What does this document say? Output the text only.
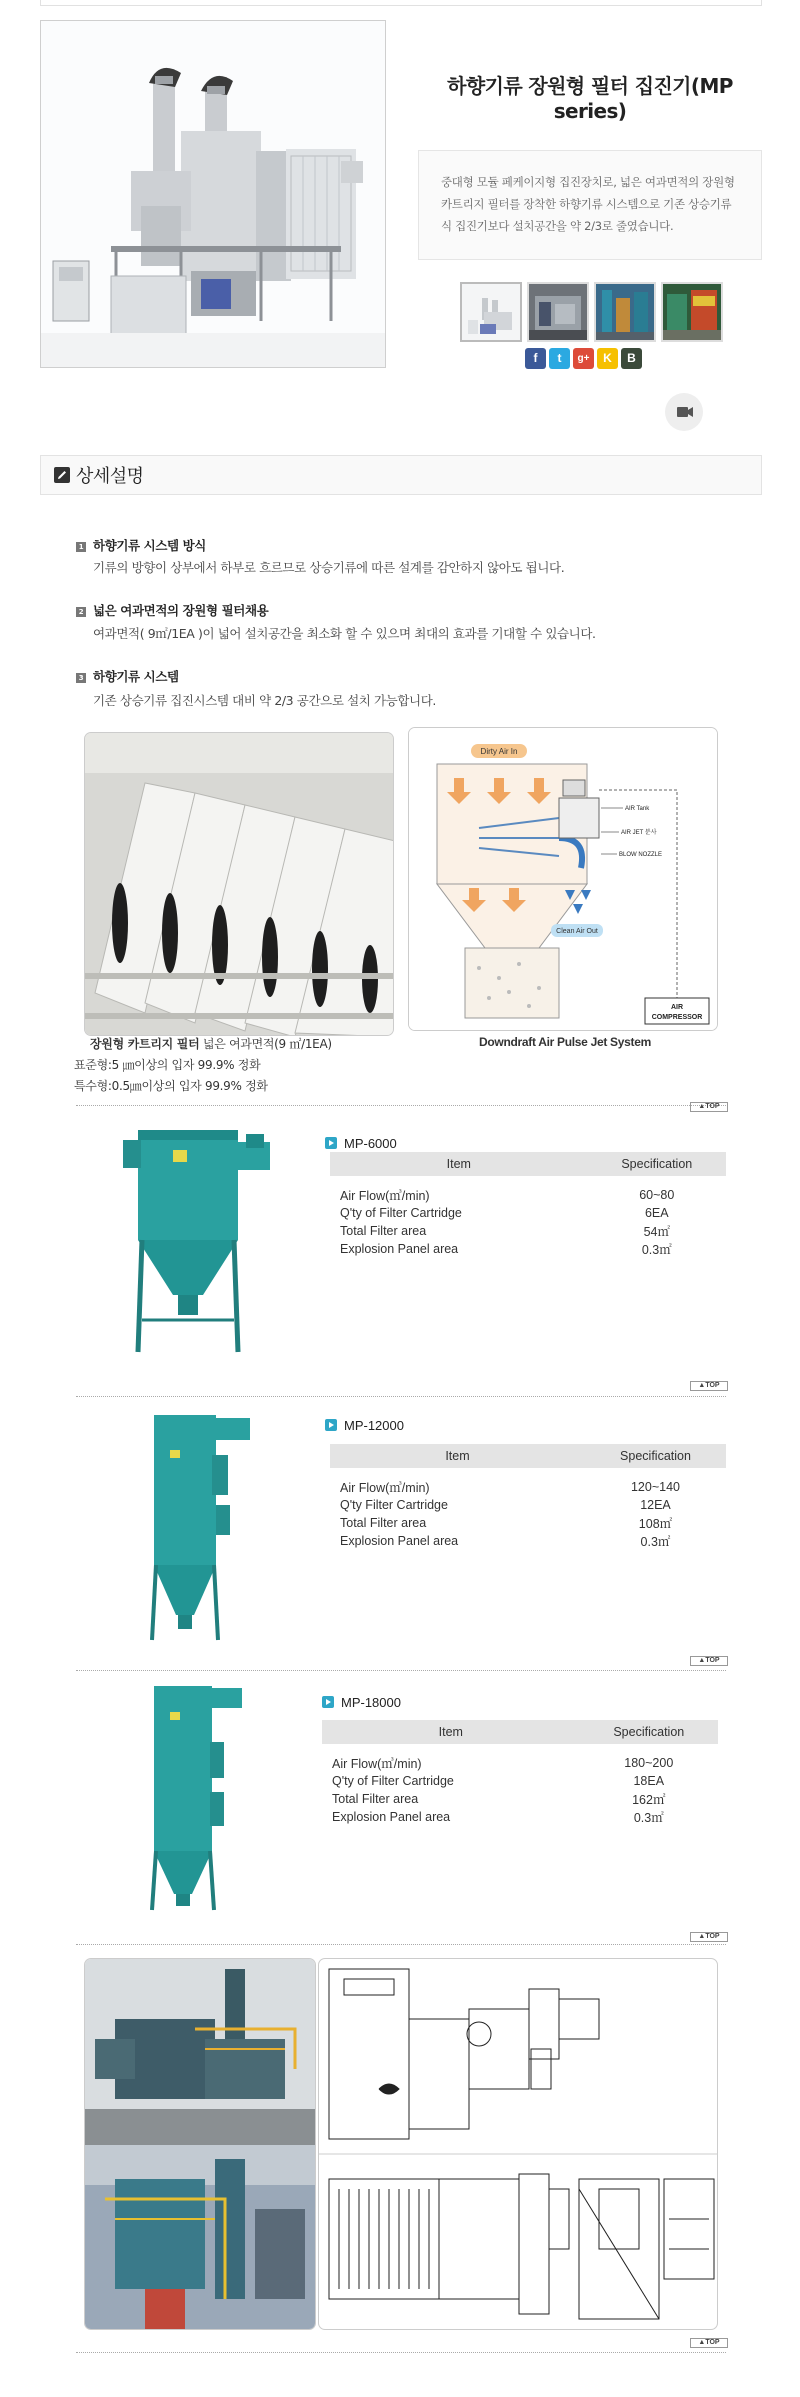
하향기류 장원형 필터 집진기(MP series)
중대형 모듈 페케이지형 집진장치로, 넓은 여과면적의 장원형 카트리지 필터를 장착한 하향기류 시스템으로 기존 상승기류식 집진기보다 설치공간을 약 2/3로 줄였습니다.
f	t	g+	K	B
상세설명
1 하향기류 시스템 방식
기류의 방향이 상부에서 하부로 흐르므로 상승기류에 따른 설계를 감안하지 않아도 됩니다.
2 넓은 여과면적의 장원형 필터채용
여과면적( 9㎡/1EA )이 넓어 설치공간을 최소화 할 수 있으며 최대의 효과를 기대할 수 있습니다.
3 하향기류 시스템
기존 상승기류 집진시스템 대비 약 2/3 공간으로 설치 가능합니다.
Dirty Air In
Clean Air Out
AIR Tank
AIR JET 분사
BLOW NOZZLE
AIR
COMPRESSOR
장원형 카트리지 필터 넓은 여과면적(9 ㎡/1EA)
표준형:5 ㎛이상의 입자 99.9% 정화
특수형:0.5㎛이상의 입자 99.9% 정화
Downdraft Air Pulse Jet System
▲TOP
MP-6000
Item	Specification
Air Flow(㎥/min)	60~80
Q'ty of Filter Cartridge	6EA
Total Filter area	54㎡
Explosion Panel area	0.3㎡
▲TOP
MP-12000
Item	Specification
Air Flow(㎥/min)	120~140
Q'ty Filter Cartridge	12EA
Total Filter area	108㎡
Explosion Panel area	0.3㎡
▲TOP
MP-18000
Item	Specification
Air Flow(㎥/min)	180~200
Q'ty of Filter Cartridge	18EA
Total Filter area	162㎡
Explosion Panel area	0.3㎡
▲TOP
▲TOP
